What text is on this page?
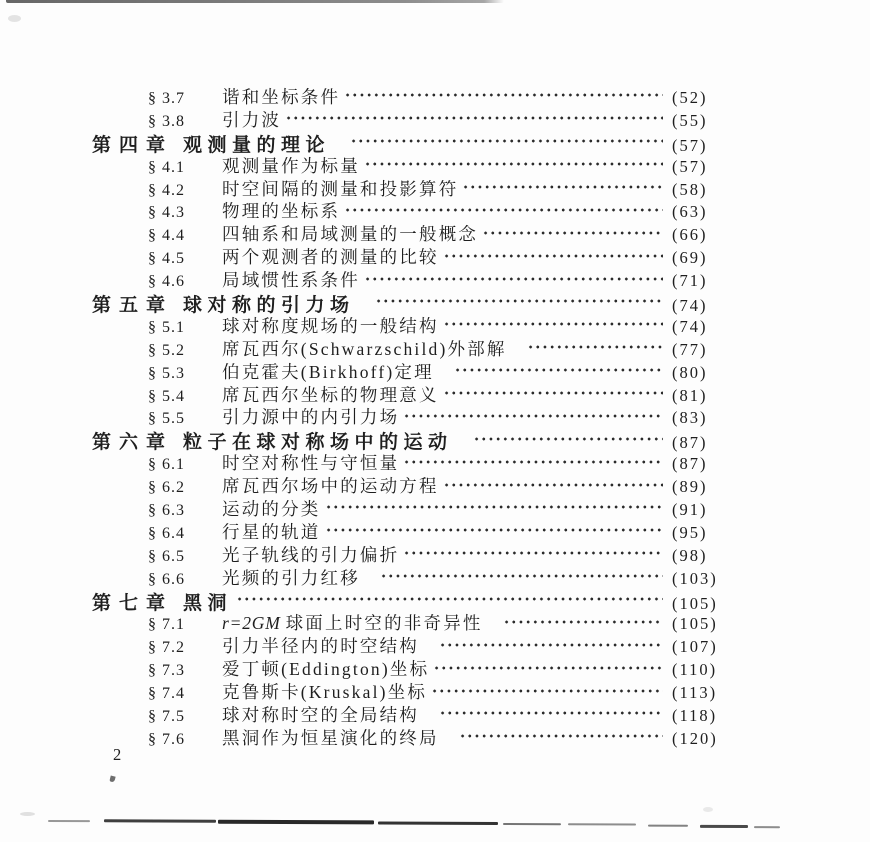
§ 3.7	谐和坐标条件	(52)
§ 3.8	引力波	(55)
第四章 观测量的理论	(57)
§ 4.1	观测量作为标量	(57)
§ 4.2	时空间隔的测量和投影算符	(58)
§ 4.3	物理的坐标系	(63)
§ 4.4	四轴系和局域测量的一般概念	(66)
§ 4.5	两个观测者的测量的比较	(69)
§ 4.6	局域惯性系条件	(71)
第五章 球对称的引力场	(74)
§ 5.1	球对称度规场的一般结构	(74)
§ 5.2	席瓦西尔(Schwarzschild)外部解	(77)
§ 5.3	伯克霍夫(Birkhoff)定理	(80)
§ 5.4	席瓦西尔坐标的物理意义	(81)
§ 5.5	引力源中的内引力场	(83)
第六章 粒子在球对称场中的运动	(87)
§ 6.1	时空对称性与守恒量	(87)
§ 6.2	席瓦西尔场中的运动方程	(89)
§ 6.3	运动的分类	(91)
§ 6.4	行星的轨道	(95)
§ 6.5	光子轨线的引力偏折	(98)
§ 6.6	光频的引力红移	(103)
第七章 黑洞	(105)
§ 7.1	r=2GM 球面上时空的非奇异性	(105)
§ 7.2	引力半径内的时空结构	(107)
§ 7.3	爱丁顿(Eddington)坐标	(110)
§ 7.4	克鲁斯卡(Kruskal)坐标	(113)
§ 7.5	球对称时空的全局结构	(118)
§ 7.6	黑洞作为恒星演化的终局	(120)
2
